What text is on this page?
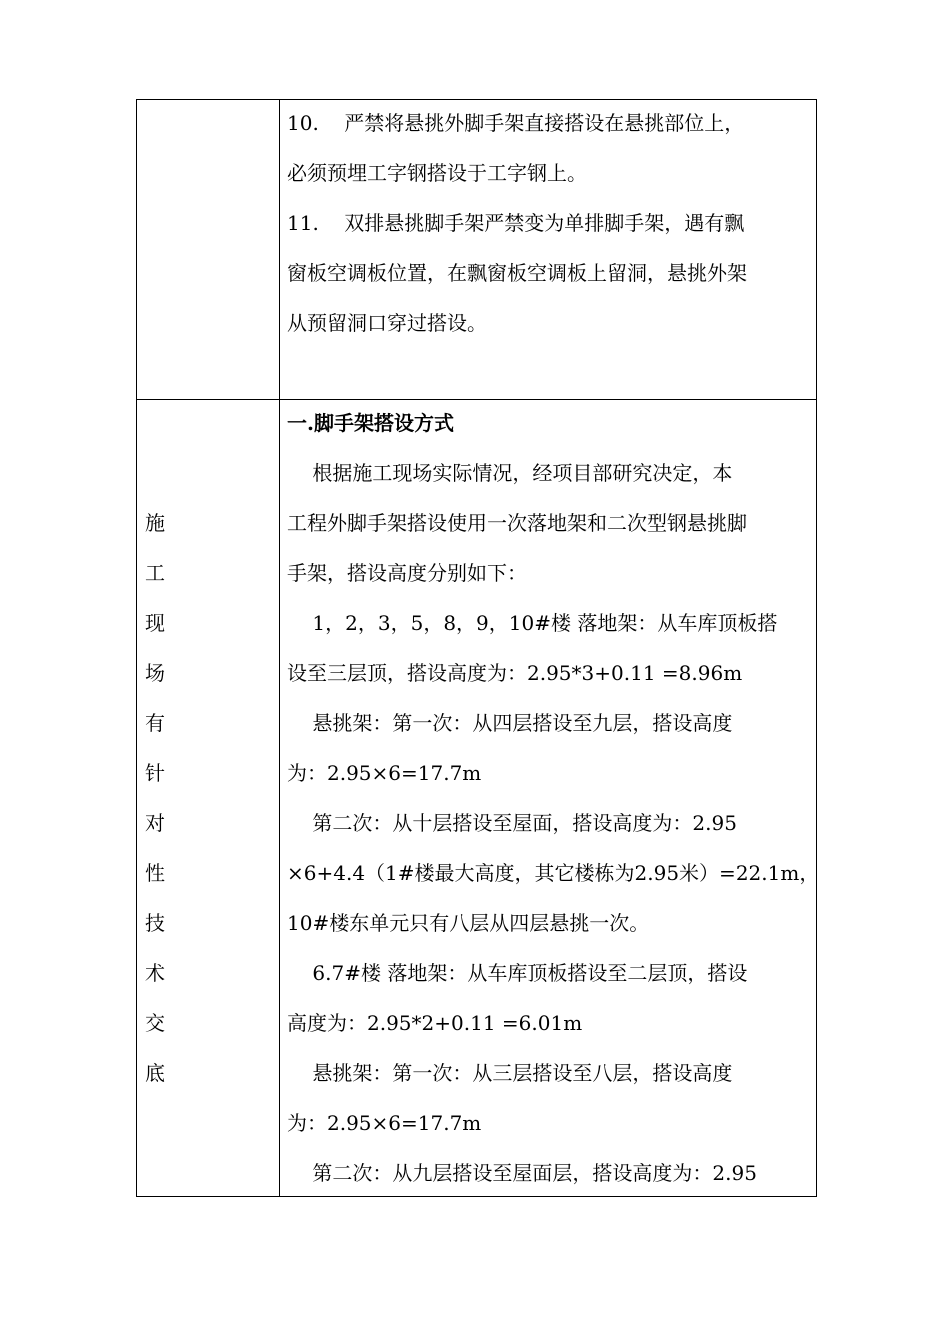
10.    严禁将悬挑外脚手架直接搭设在悬挑部位上，
必须预埋工字钢搭设于工字钢上。
11.    双排悬挑脚手架严禁变为单排脚手架，遇有飘
窗板空调板位置，在飘窗板空调板上留洞，悬挑外架
从预留洞口穿过搭设。
施
工
现
场
有
针
对
性
技
术
交
底
一.脚手架搭设方式
根据施工现场实际情况，经项目部研究决定，本
工程外脚手架搭设使用一次落地架和二次型钢悬挑脚
手架，搭设高度分别如下：
1，2，3，5，8，9，10#楼 落地架：从车库顶板搭
设至三层顶，搭设高度为：2.95*3+0.11 =8.96m
悬挑架：第一次：从四层搭设至九层，搭设高度
为：2.95×6=17.7m
第二次：从十层搭设至屋面，搭设高度为：2.95
×6+4.4（1#楼最大高度，其它楼栋为2.95米）=22.1m，
10#楼东单元只有八层从四层悬挑一次。
6.7#楼 落地架：从车库顶板搭设至二层顶，搭设
高度为：2.95*2+0.11 =6.01m
悬挑架：第一次：从三层搭设至八层，搭设高度
为：2.95×6=17.7m
第二次：从九层搭设至屋面层，搭设高度为：2.95
